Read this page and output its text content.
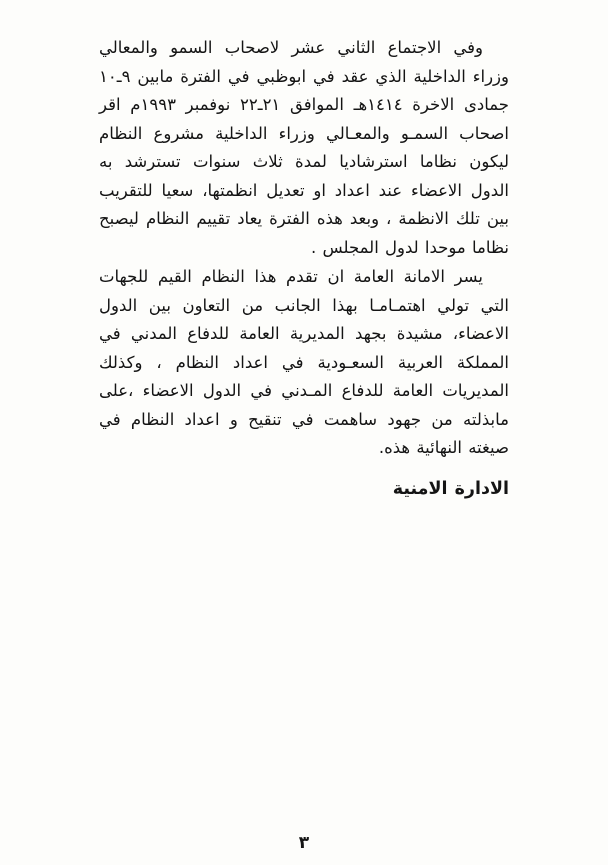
وفي الاجتماع الثاني عشر لاصحاب السمو والمعالي وزراء الداخلية الذي عقد في ابوظبي في الفترة مابين ٩ـ١٠ جمادى الاخرة ١٤١٤هـ الموافق ٢١ـ٢٢ نوفمبر ١٩٩٣م اقر اصحاب السمـو والمعـالي وزراء الداخلية مشروع النظام ليكون نظاما استرشاديا لمدة ثلاث سنوات تسترشد به الدول الاعضاء عند اعداد او تعديل انظمتها، سعيا للتقريب بين تلك الانظمة ، وبعد هذه الفترة يعاد تقييم النظام ليصبح نظاما موحدا لدول المجلس .

يسر الامانة العامة ان تقدم هذا النظام القيم للجهات التي تولي اهتمـامـا بهذا الجانب من التعاون بين الدول الاعضاء، مشيدة بجهد المديرية العامة للدفاع المدني في المملكة العربية السعـودية في اعداد النظام ، وكذلك المديريات العامة للدفاع المـدني في الدول الاعضاء ،على مابذلته من جهود ساهمت في تنقيح و اعداد النظام في صيغته النهائية هذه.

الادارة الامنية
٣
